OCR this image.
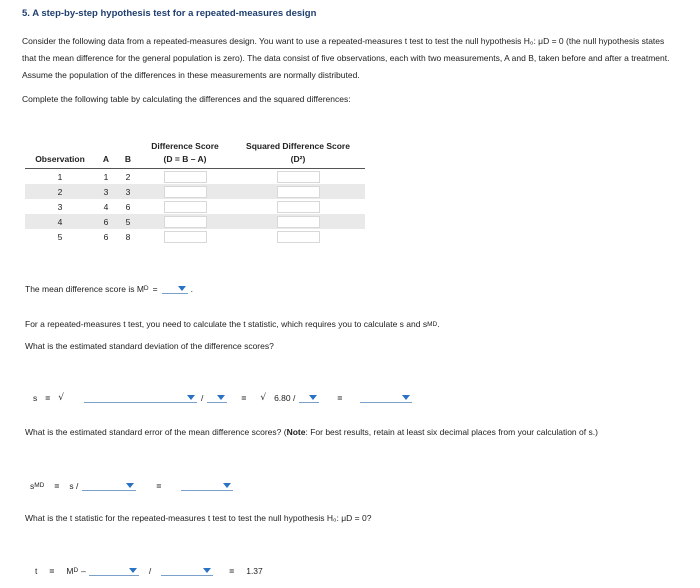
5. A step-by-step hypothesis test for a repeated-measures design
Consider the following data from a repeated-measures design. You want to use a repeated-measures t test to test the null hypothesis H₀: μD = 0 (the null hypothesis states that the mean difference for the general population is zero). The data consist of five observations, each with two measurements, A and B, taken before and after a treatment. Assume the population of the differences in these measurements are normally distributed.
Complete the following table by calculating the differences and the squared differences:
			Difference Score	Squared Difference Score
Observation	A	B	(D = B – A)	(D²)
1	1	2		
2	3	3		
3	4	6		
4	6	5		
5	6	8		
The mean difference score is M D =	.
For a repeated-measures t test, you need to calculate the t statistic, which requires you to calculate s and s MD .
What is the estimated standard deviation of the difference scores?
s = √	/	= √ 6.80 /	=
What is the estimated standard error of the mean difference scores? (Note: For best results, retain at least six decimal places from your calculation of s.)
s MD = s /	=
What is the t statistic for the repeated-measures t test to test the null hypothesis H₀: μD = 0?
t = M D –	/	= 1.37
